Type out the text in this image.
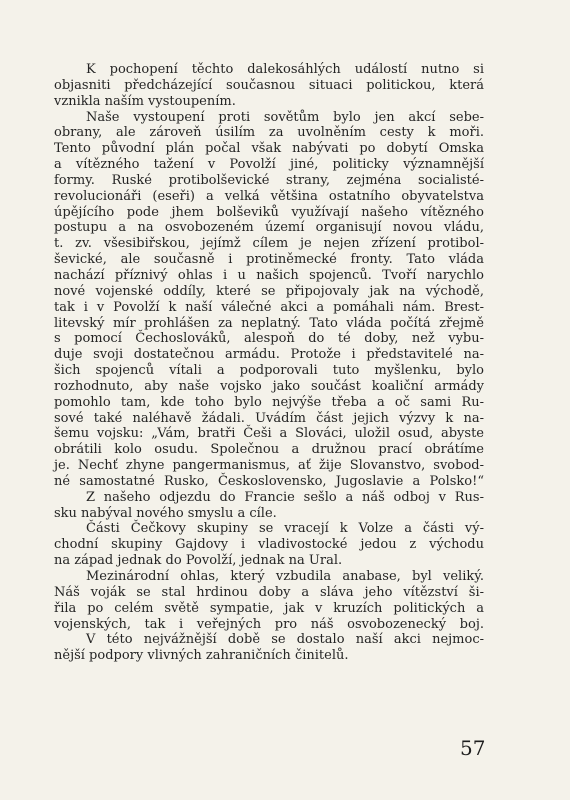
K pochopení těchto dalekosáhlých událostí nutno si
objasniti předcházející současnou situaci politickou, která
vznikla naším vystoupením.
Naše vystoupení proti sovětům bylo jen akcí sebe-
obrany, ale zároveň úsilím za uvolněním cesty k moři.
Tento původní plán počal však nabývati po dobytí Omska
a vítězného tažení v Povolží jiné, politicky významnější
formy. Ruské protibolševické strany, zejména socialisté-
revolucionáři (eseři) a velká většina ostatního obyvatelstva
úpějícího pode jhem bolševiků využívají našeho vítězného
postupu a na osvobozeném území organisují novou vládu,
t. zv. všesibiřskou, jejímž cílem je nejen zřízení protibol-
ševické, ale současně i protiněmecké fronty. Tato vláda
nachází příznivý ohlas i u našich spojenců. Tvoří narychlo
nové vojenské oddíly, které se připojovaly jak na východě,
tak i v Povolží k naší válečné akci a pomáhali nám. Brest-
litevský mír prohlášen za neplatný. Tato vláda počítá zřejmě
s pomocí Čechoslováků, alespoň do té doby, než vybu-
duje svoji dostatečnou armádu. Protože i představitelé na-
šich spojenců vítali a podporovali tuto myšlenku, bylo
rozhodnuto, aby naše vojsko jako součást koaliční armády
pomohlo tam, kde toho bylo nejvýše třeba a oč sami Ru-
sové také naléhavě žádali. Uvádím část jejich výzvy k na-
šemu vojsku: „Vám, bratři Češi a Slováci, uložil osud, abyste
obrátili kolo osudu. Společnou a družnou prací obrátíme
je. Nechť zhyne pangermanismus, ať žije Slovanstvo, svobod-
né samostatné Rusko, Československo, Jugoslavie a Polsko!“
Z našeho odjezdu do Francie sešlo a náš odboj v Rus-
sku nabýval nového smyslu a cíle.
Části Čečkovy skupiny se vracejí k Volze a části vý-
chodní skupiny Gajdovy i vladivostocké jedou z východu
na západ jednak do Povolží, jednak na Ural.
Mezinárodní ohlas, který vzbudila anabase, byl veliký.
Náš voják se stal hrdinou doby a sláva jeho vítězství ši-
řila po celém světě sympatie, jak v kruzích politických a
vojenských, tak i veřejných pro náš osvobozenecký boj.
V této nejvážnější době se dostalo naší akci nejmoc-
nější podpory vlivných zahraničních činitelů.
57
